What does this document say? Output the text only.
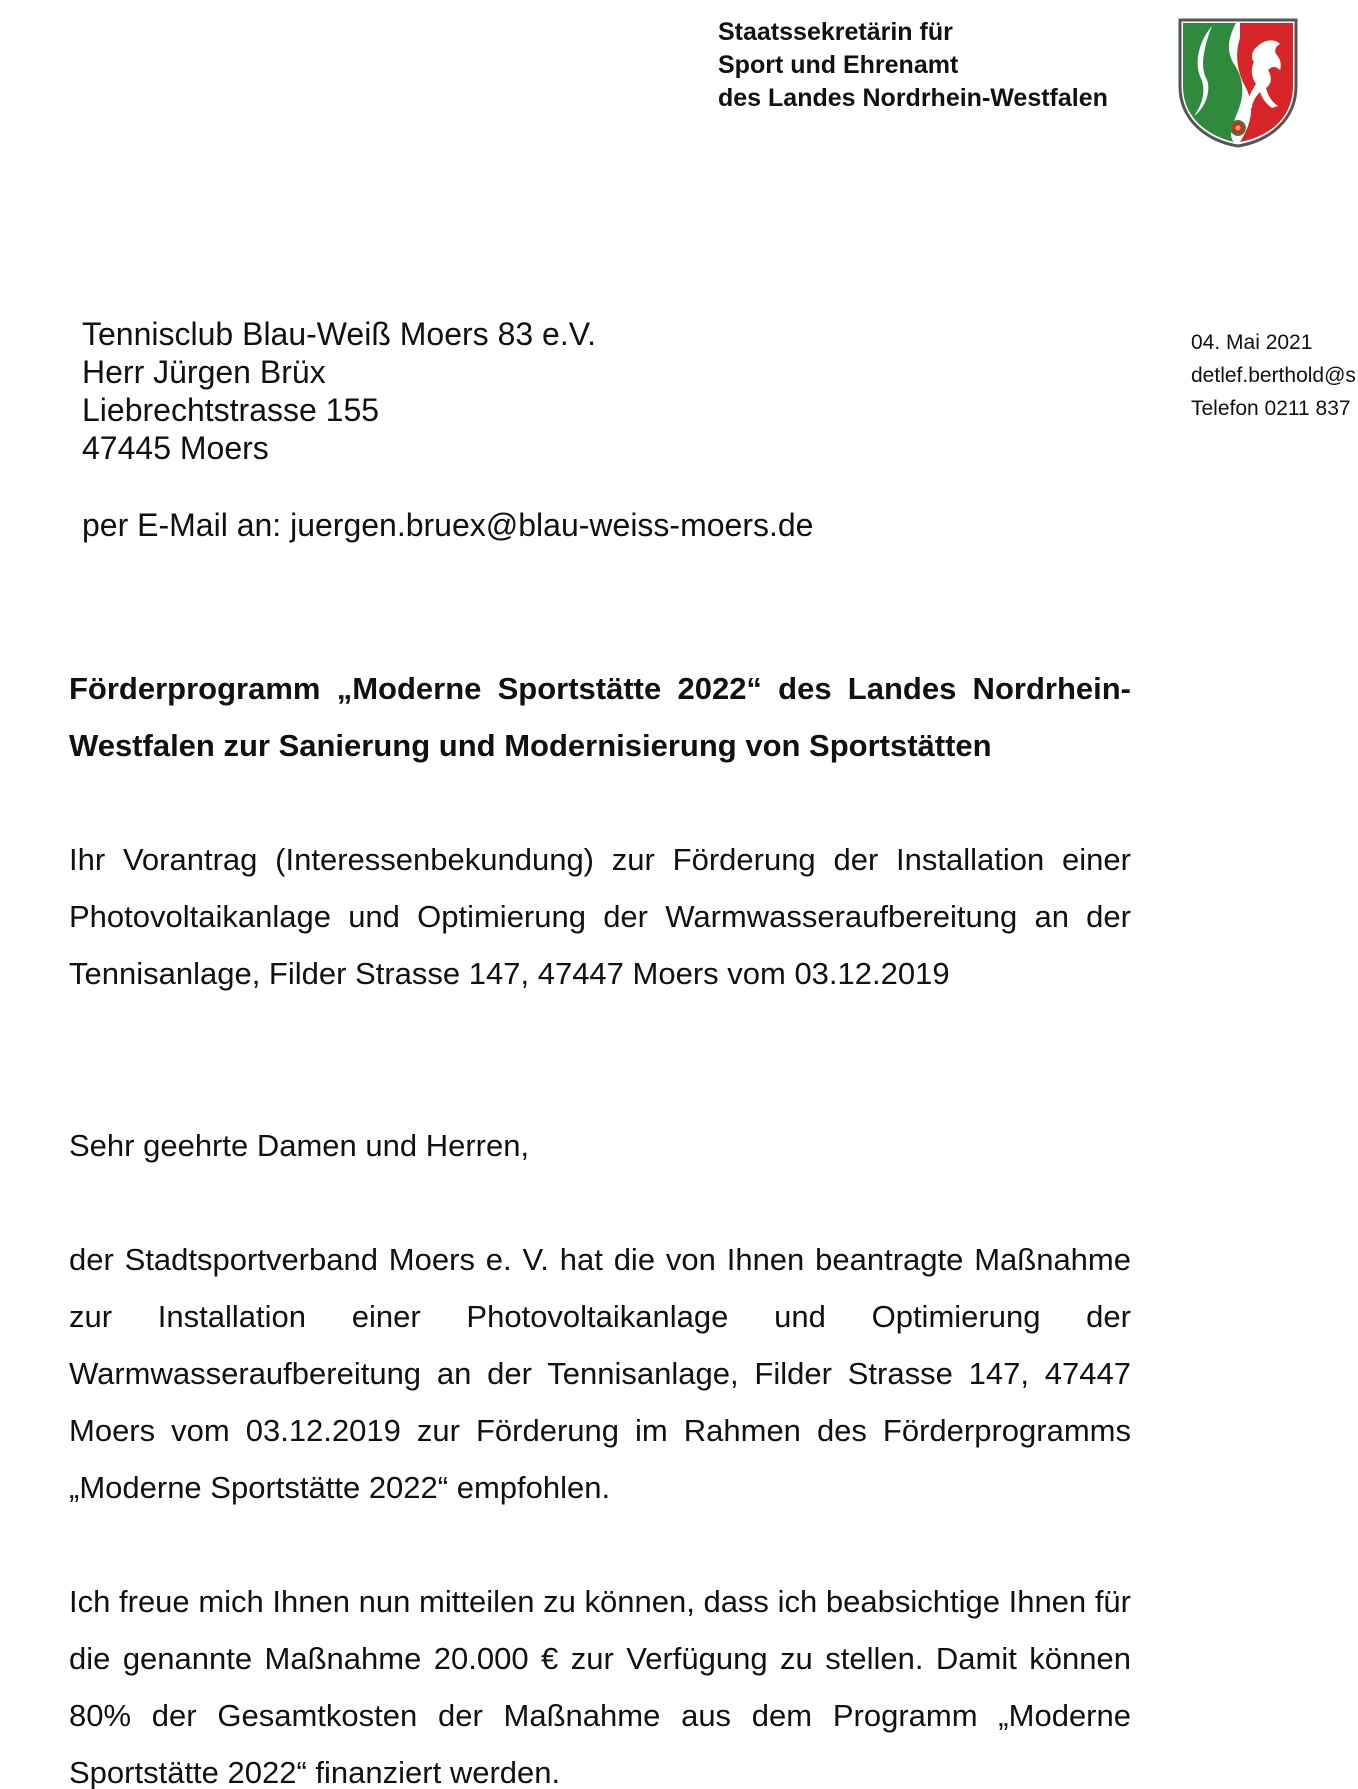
Staatssekretärin für
Sport und Ehrenamt
des Landes Nordrhein-Westfalen
Tennisclub Blau-Weiß Moers 83 e.V.
Herr Jürgen Brüx
Liebrechtstrasse 155
47445 Moers
per E-Mail an: juergen.bruex@blau-weiss-moers.de
04. Mai 2021
detlef.berthold@s
Telefon 0211 837
Förderprogramm „Moderne Sportstätte 2022“ des Landes Nordrhein-Westfalen zur Sanierung und Modernisierung von Sportstätten
Ihr Vorantrag (Interessenbekundung) zur Förderung der Installation einer Photovoltaikanlage und Optimierung der Warmwasseraufbereitung an der Tennisanlage, Filder Strasse 147, 47447 Moers vom 03.12.2019
Sehr geehrte Damen und Herren,
der Stadtsportverband Moers e. V. hat die von Ihnen beantragte Maßnahme zur Installation einer Photovoltaikanlage und Optimierung der Warmwasseraufbereitung an der Tennisanlage, Filder Strasse 147, 47447 Moers vom 03.12.2019 zur Förderung im Rahmen des Förderprogramms „Moderne Sportstätte 2022“ empfohlen.
Ich freue mich Ihnen nun mitteilen zu können, dass ich beabsichtige Ihnen für die genannte Maßnahme 20.000 € zur Verfügung zu stellen. Damit können 80% der Gesamtkosten der Maßnahme aus dem Programm „Moderne Sportstätte 2022“ finanziert werden.
